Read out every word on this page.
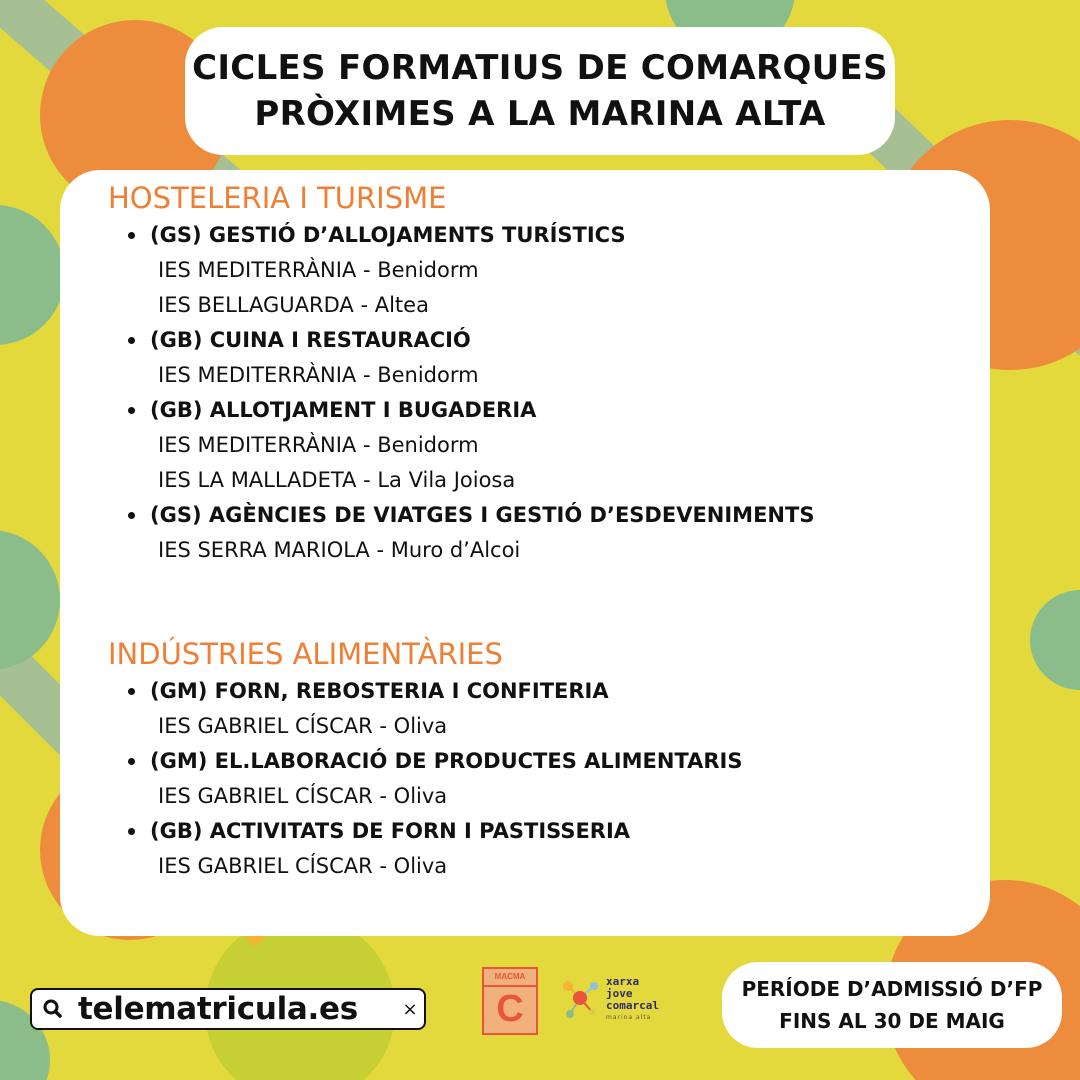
CICLES FORMATIUS DE COMARQUES
PRÒXIMES A LA MARINA ALTA
HOSTELERIA I TURISME
(GS) GESTIÓ D’ALLOJAMENTS TURÍSTICS
IES MEDITERRÀNIA - Benidorm
IES BELLAGUARDA - Altea
(GB) CUINA I RESTAURACIÓ
IES MEDITERRÀNIA - Benidorm
(GB) ALLOTJAMENT I BUGADERIA
IES MEDITERRÀNIA - Benidorm
IES LA MALLADETA - La Vila Joiosa
(GS) AGÈNCIES DE VIATGES I GESTIÓ D’ESDEVENIMENTS
IES SERRA MARIOLA - Muro d’Alcoi
INDÚSTRIES ALIMENTÀRIES
(GM) FORN, REBOSTERIA I CONFITERIA
IES GABRIEL CÍSCAR - Oliva
(GM) EL.LABORACIÓ DE PRODUCTES ALIMENTARIS
IES GABRIEL CÍSCAR - Oliva
(GB) ACTIVITATS DE FORN I PASTISSERIA
IES GABRIEL CÍSCAR - Oliva
telematricula.es	×
MACMA
C
xarxa
jove
comarcal
marina alta
PERÍODE D’ADMISSIÓ D’FP
FINS AL 30 DE MAIG
